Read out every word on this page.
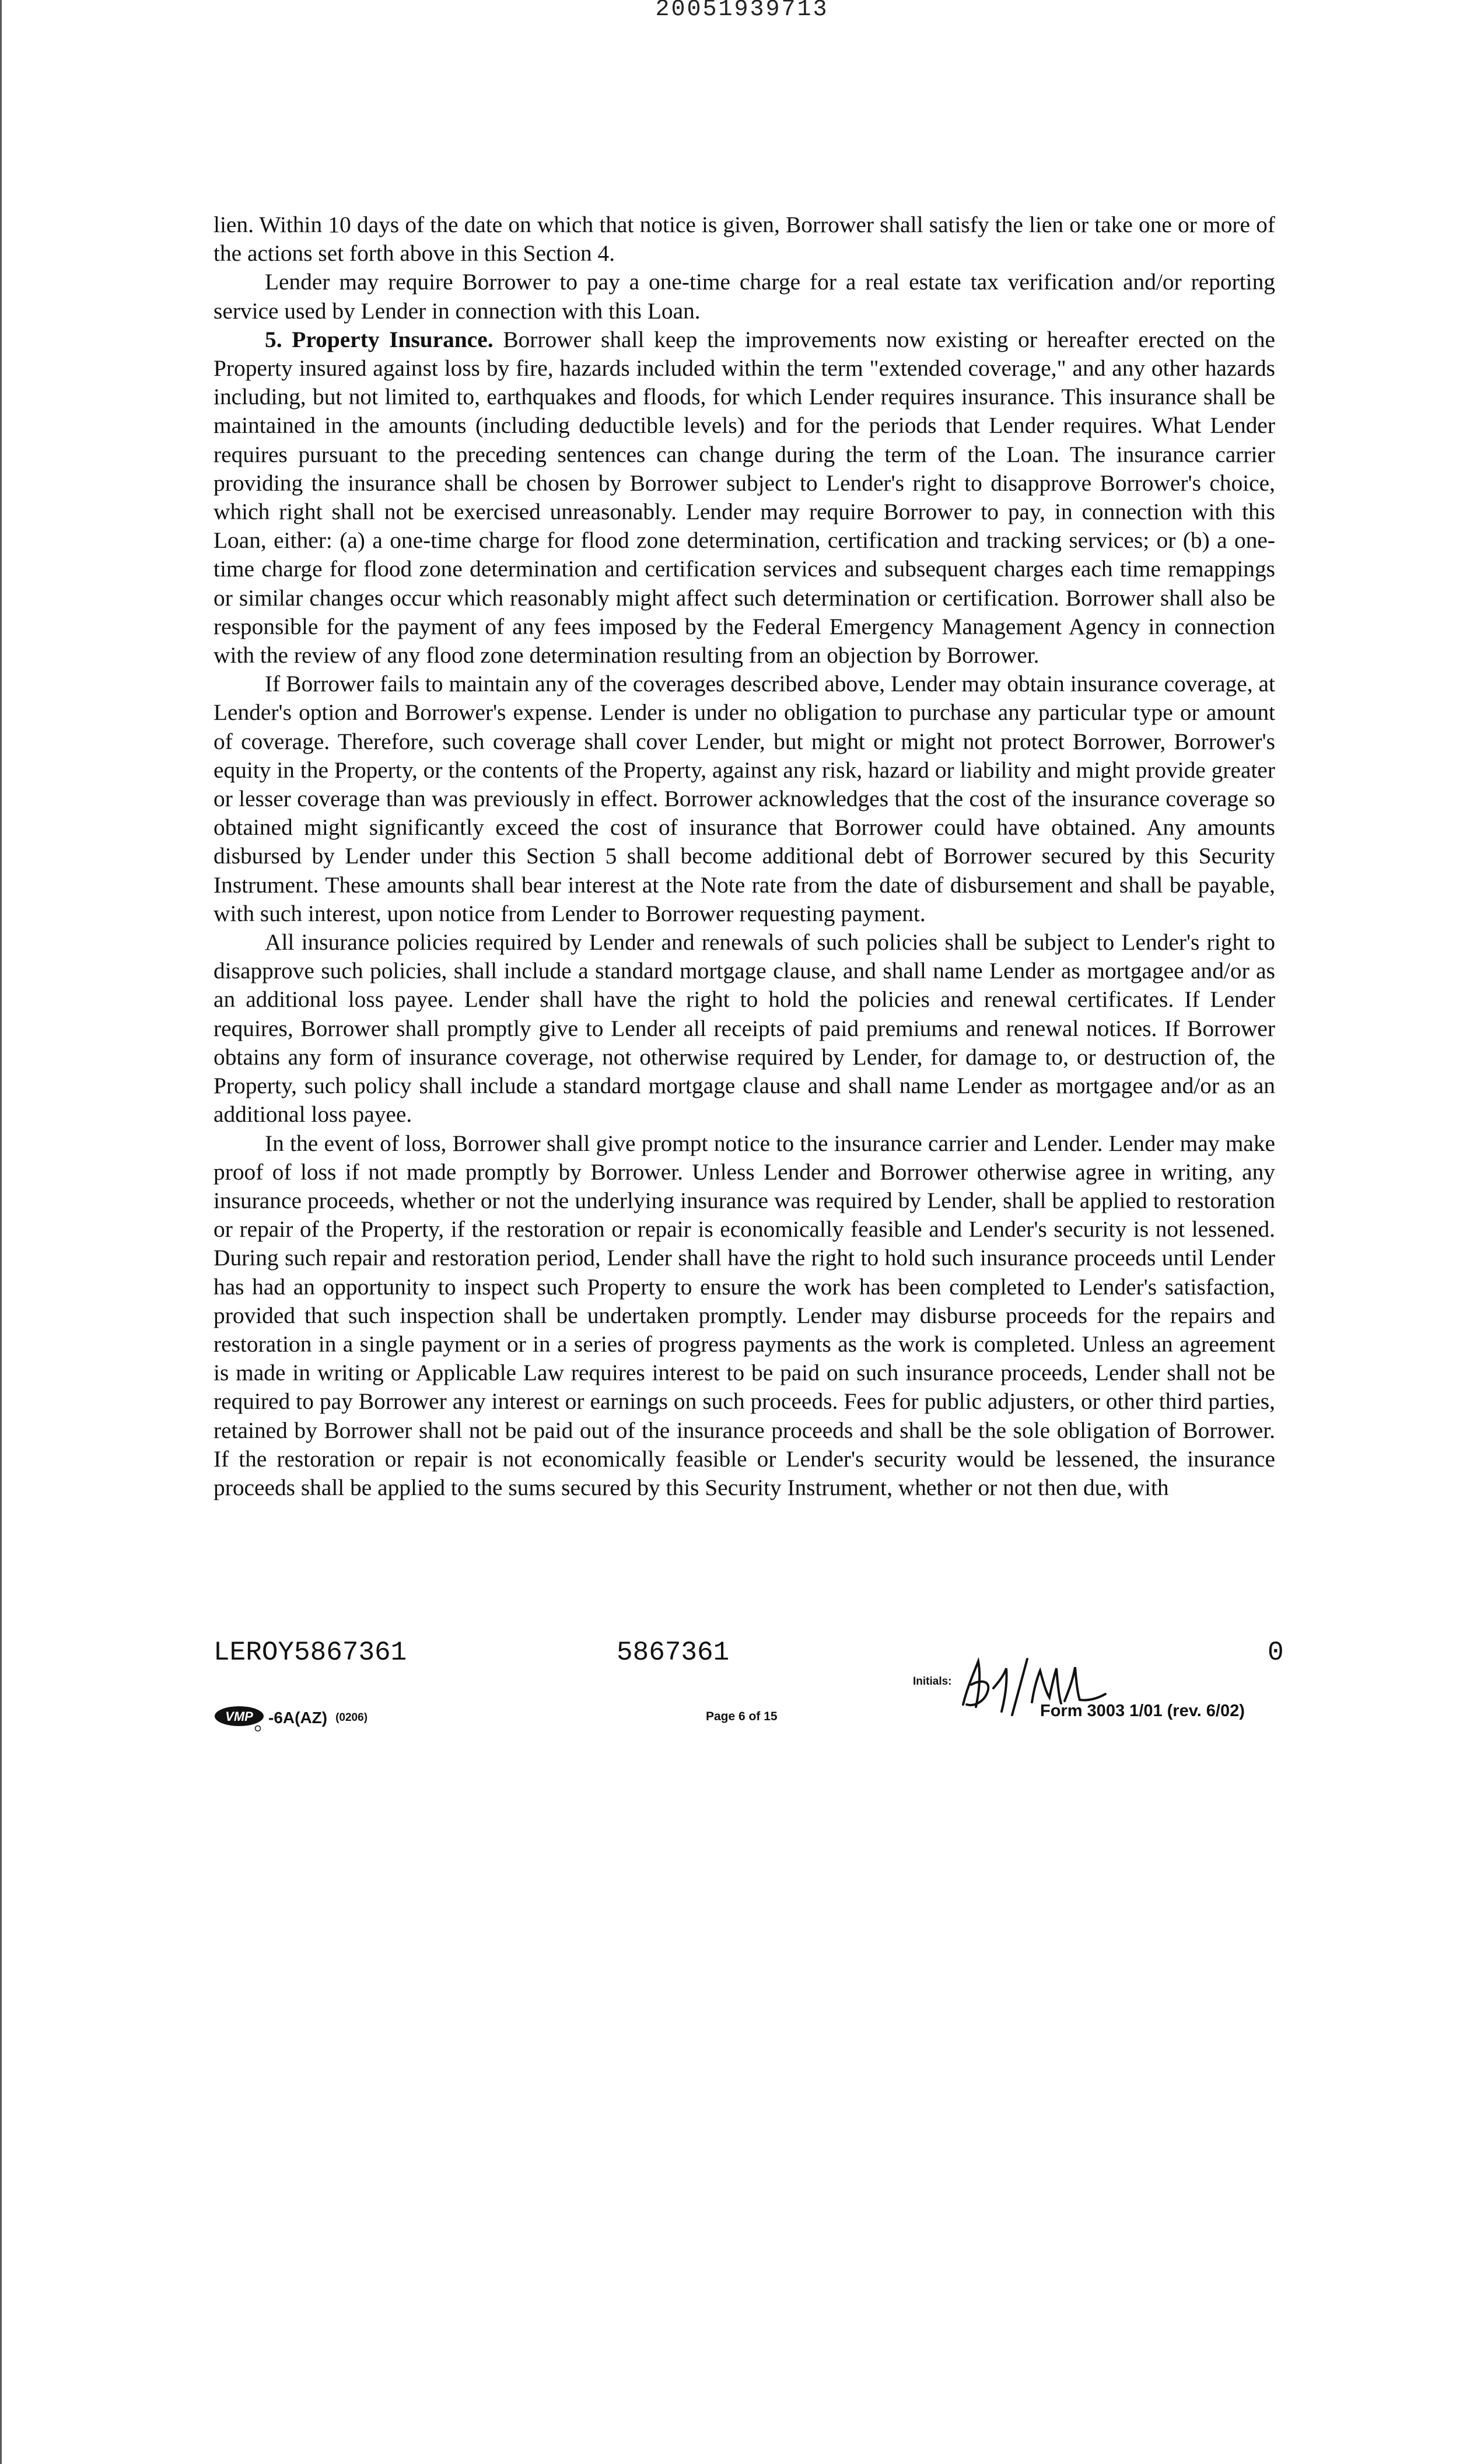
20051939713

lien. Within 10 days of the date on which that notice is given, Borrower shall satisfy the lien or take one or more of the actions set forth above in this Section 4.

Lender may require Borrower to pay a one-time charge for a real estate tax verification and/or reporting service used by Lender in connection with this Loan.

5. Property Insurance. Borrower shall keep the improvements now existing or hereafter erected on the Property insured against loss by fire, hazards included within the term "extended coverage," and any other hazards including, but not limited to, earthquakes and floods, for which Lender requires insurance. This insurance shall be maintained in the amounts (including deductible levels) and for the periods that Lender requires. What Lender requires pursuant to the preceding sentences can change during the term of the Loan. The insurance carrier providing the insurance shall be chosen by Borrower subject to Lender's right to disapprove Borrower's choice, which right shall not be exercised unreasonably. Lender may require Borrower to pay, in connection with this Loan, either: (a) a one-time charge for flood zone determination, certification and tracking services; or (b) a one-time charge for flood zone determination and certification services and subsequent charges each time remappings or similar changes occur which reasonably might affect such determination or certification. Borrower shall also be responsible for the payment of any fees imposed by the Federal Emergency Management Agency in connection with the review of any flood zone determination resulting from an objection by Borrower.

If Borrower fails to maintain any of the coverages described above, Lender may obtain insurance coverage, at Lender's option and Borrower's expense. Lender is under no obligation to purchase any particular type or amount of coverage. Therefore, such coverage shall cover Lender, but might or might not protect Borrower, Borrower's equity in the Property, or the contents of the Property, against any risk, hazard or liability and might provide greater or lesser coverage than was previously in effect. Borrower acknowledges that the cost of the insurance coverage so obtained might significantly exceed the cost of insurance that Borrower could have obtained. Any amounts disbursed by Lender under this Section 5 shall become additional debt of Borrower secured by this Security Instrument. These amounts shall bear interest at the Note rate from the date of disbursement and shall be payable, with such interest, upon notice from Lender to Borrower requesting payment.

All insurance policies required by Lender and renewals of such policies shall be subject to Lender's right to disapprove such policies, shall include a standard mortgage clause, and shall name Lender as mortgagee and/or as an additional loss payee. Lender shall have the right to hold the policies and renewal certificates. If Lender requires, Borrower shall promptly give to Lender all receipts of paid premiums and renewal notices. If Borrower obtains any form of insurance coverage, not otherwise required by Lender, for damage to, or destruction of, the Property, such policy shall include a standard mortgage clause and shall name Lender as mortgagee and/or as an additional loss payee.

In the event of loss, Borrower shall give prompt notice to the insurance carrier and Lender. Lender may make proof of loss if not made promptly by Borrower. Unless Lender and Borrower otherwise agree in writing, any insurance proceeds, whether or not the underlying insurance was required by Lender, shall be applied to restoration or repair of the Property, if the restoration or repair is economically feasible and Lender's security is not lessened. During such repair and restoration period, Lender shall have the right to hold such insurance proceeds until Lender has had an opportunity to inspect such Property to ensure the work has been completed to Lender's satisfaction, provided that such inspection shall be undertaken promptly. Lender may disburse proceeds for the repairs and restoration in a single payment or in a series of progress payments as the work is completed. Unless an agreement is made in writing or Applicable Law requires interest to be paid on such insurance proceeds, Lender shall not be required to pay Borrower any interest or earnings on such proceeds. Fees for public adjusters, or other third parties, retained by Borrower shall not be paid out of the insurance proceeds and shall be the sole obligation of Borrower. If the restoration or repair is not economically feasible or Lender's security would be lessened, the insurance proceeds shall be applied to the sums secured by this Security Instrument, whether or not then due, with

LEROY5867361	5867361	0
VMP -6A(AZ) (0206)	Page 6 of 15
Initials:
Form 3003 1/01 (rev. 6/02)
